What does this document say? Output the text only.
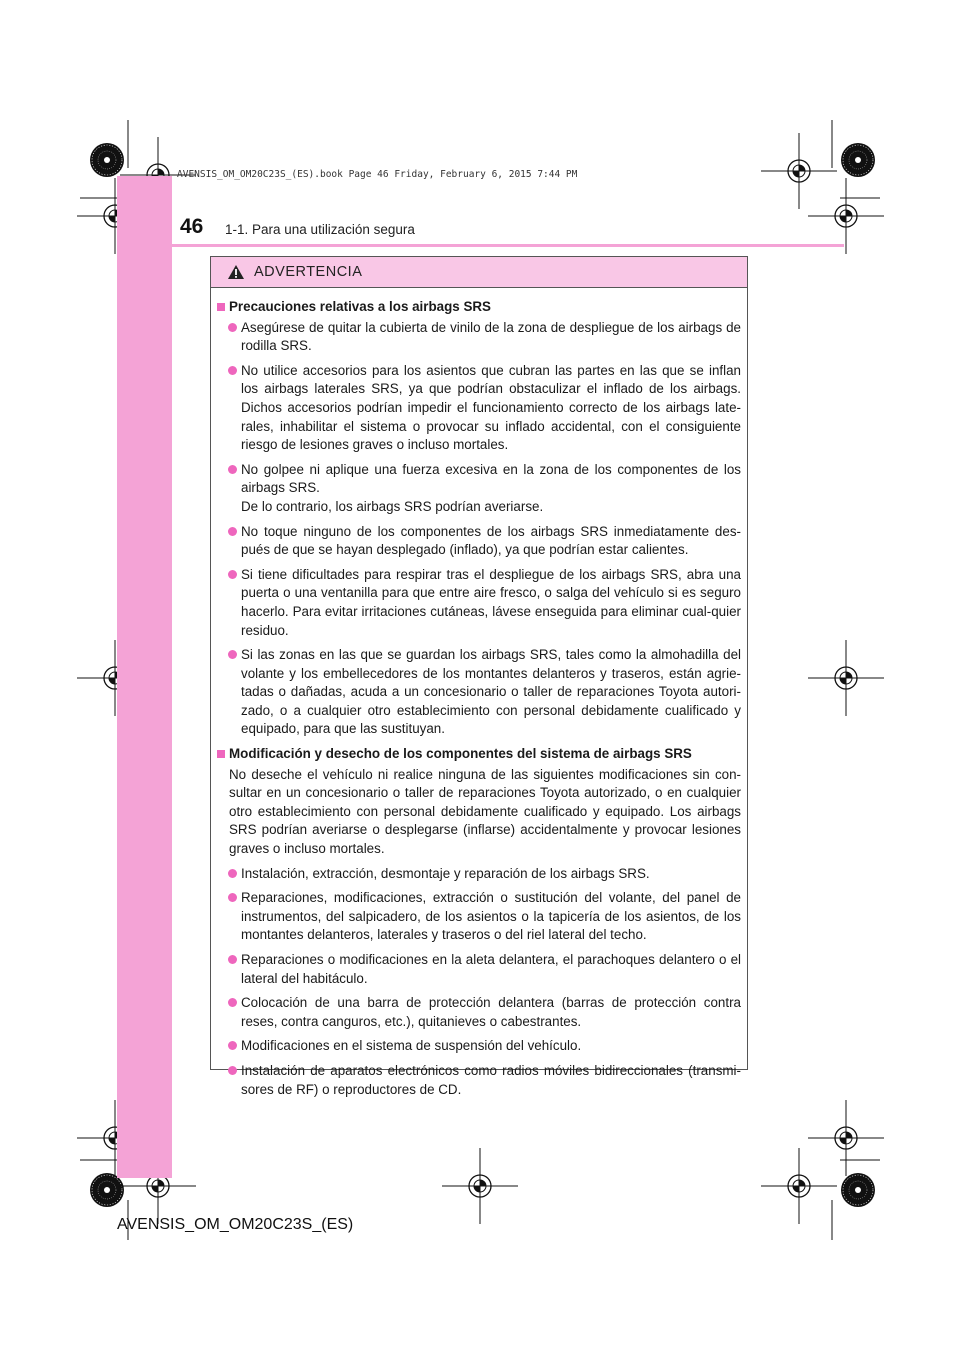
AVENSIS_OM_OM20C23S_(ES).book Page 46 Friday, February 6, 2015 7:44 PM
46 1-1. Para una utilización segura
ADVERTENCIA
Precauciones relativas a los airbags SRS
Asegúrese de quitar la cubierta de vinilo de la zona de despliegue de los airbags de rodilla SRS.
No utilice accesorios para los asientos que cubran las partes en las que se inflan los airbags laterales SRS, ya que podrían obstaculizar el inflado de los airbags. Dichos accesorios podrían impedir el funcionamiento correcto de los airbags late-rales, inhabilitar el sistema o provocar su inflado accidental, con el consiguiente riesgo de lesiones graves o incluso mortales.
No golpee ni aplique una fuerza excesiva en la zona de los componentes de los airbags SRS.
De lo contrario, los airbags SRS podrían averiarse.
No toque ninguno de los componentes de los airbags SRS inmediatamente des-pués de que se hayan desplegado (inflado), ya que podrían estar calientes.
Si tiene dificultades para respirar tras el despliegue de los airbags SRS, abra una puerta o una ventanilla para que entre aire fresco, o salga del vehículo si es seguro hacerlo. Para evitar irritaciones cutáneas, lávese enseguida para eliminar cual-quier residuo.
Si las zonas en las que se guardan los airbags SRS, tales como la almohadilla del volante y los embellecedores de los montantes delanteros y traseros, están agrie-tadas o dañadas, acuda a un concesionario o taller de reparaciones Toyota autori-zado, o a cualquier otro establecimiento con personal debidamente cualificado y equipado, para que las sustituyan.
Modificación y desecho de los componentes del sistema de airbags SRS
No deseche el vehículo ni realice ninguna de las siguientes modificaciones sin con-sultar en un concesionario o taller de reparaciones Toyota autorizado, o en cualquier otro establecimiento con personal debidamente cualificado y equipado. Los airbags SRS podrían averiarse o desplegarse (inflarse) accidentalmente y provocar lesiones graves o incluso mortales.
Instalación, extracción, desmontaje y reparación de los airbags SRS.
Reparaciones, modificaciones, extracción o sustitución del volante, del panel de instrumentos, del salpicadero, de los asientos o la tapicería de los asientos, de los montantes delanteros, laterales y traseros o del riel lateral del techo.
Reparaciones o modificaciones en la aleta delantera, el parachoques delantero o el lateral del habitáculo.
Colocación de una barra de protección delantera (barras de protección contra reses, contra canguros, etc.), quitanieves o cabestrantes.
Modificaciones en el sistema de suspensión del vehículo.
Instalación de aparatos electrónicos como radios móviles bidireccionales (transmi-sores de RF) o reproductores de CD.
AVENSIS_OM_OM20C23S_(ES)
